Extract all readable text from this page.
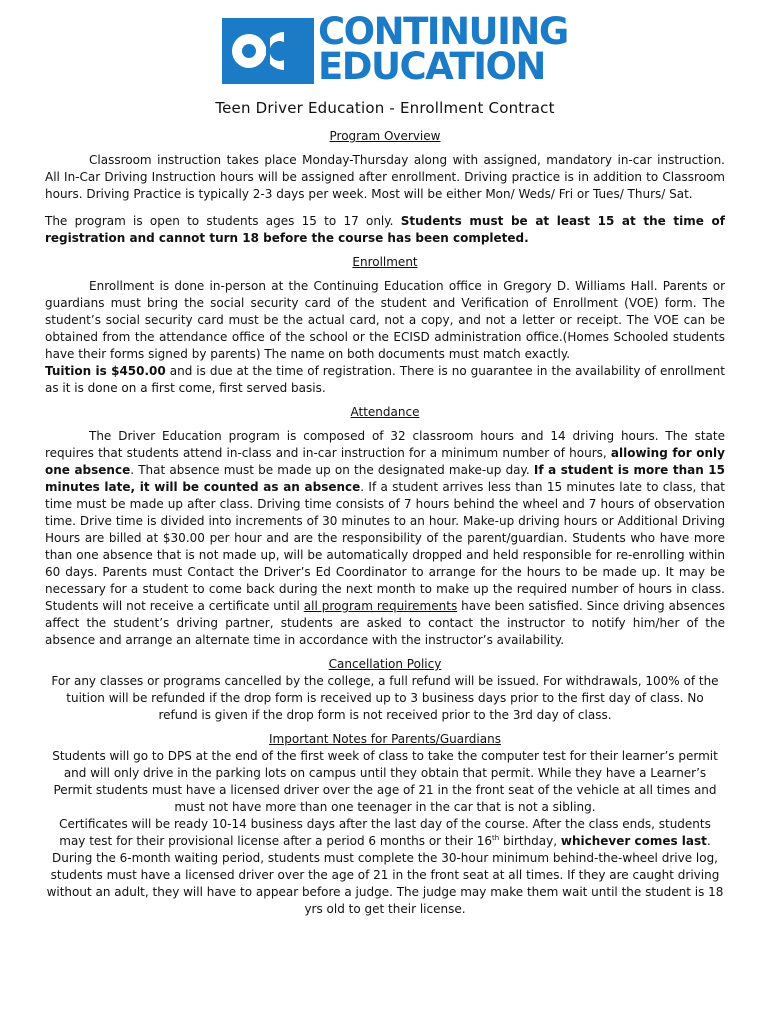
CONTINUING
EDUCATION
Teen Driver Education - Enrollment Contract
Program Overview

Classroom instruction takes place Monday-Thursday along with assigned, mandatory in-car instruction. All In-Car Driving Instruction hours will be assigned after enrollment. Driving practice is in addition to Classroom hours. Driving Practice is typically 2-3 days per week. Most will be either Mon/ Weds/ Fri or Tues/ Thurs/ Sat.

The program is open to students ages 15 to 17 only. Students must be at least 15 at the time of registration and cannot turn 18 before the course has been completed.

Enrollment

Enrollment is done in-person at the Continuing Education office in Gregory D. Williams Hall. Parents or guardians must bring the social security card of the student and Verification of Enrollment (VOE) form. The student’s social security card must be the actual card, not a copy, and not a letter or receipt. The VOE can be obtained from the attendance office of the school or the ECISD administration office.(Homes Schooled students have their forms signed by parents) The name on both documents must match exactly.

Tuition is $450.00 and is due at the time of registration. There is no guarantee in the availability of enrollment as it is done on a first come, first served basis.

Attendance

The Driver Education program is composed of 32 classroom hours and 14 driving hours. The state requires that students attend in-class and in-car instruction for a minimum number of hours, allowing for only one absence. That absence must be made up on the designated make-up day. If a student is more than 15 minutes late, it will be counted as an absence. If a student arrives less than 15 minutes late to class, that time must be made up after class. Driving time consists of 7 hours behind the wheel and 7 hours of observation time. Drive time is divided into increments of 30 minutes to an hour. Make-up driving hours or Additional Driving Hours are billed at $30.00 per hour and are the responsibility of the parent/guardian. Students who have more than one absence that is not made up, will be automatically dropped and held responsible for re-enrolling within 60 days. Parents must Contact the Driver’s Ed Coordinator to arrange for the hours to be made up. It may be necessary for a student to come back during the next month to make up the required number of hours in class. Students will not receive a certificate until all program requirements have been satisfied. Since driving absences affect the student’s driving partner, students are asked to contact the instructor to notify him/her of the absence and arrange an alternate time in accordance with the instructor’s availability.

Cancellation Policy

For any classes or programs cancelled by the college, a full refund will be issued. For withdrawals, 100% of the tuition will be refunded if the drop form is received up to 3 business days prior to the first day of class. No refund is given if the drop form is not received prior to the 3rd day of class.

Important Notes for Parents/Guardians

Students will go to DPS at the end of the first week of class to take the computer test for their learner’s permit and will only drive in the parking lots on campus until they obtain that permit. While they have a Learner’s Permit students must have a licensed driver over the age of 21 in the front seat of the vehicle at all times and must not have more than one teenager in the car that is not a sibling.

Certificates will be ready 10-14 business days after the last day of the course. After the class ends, students may test for their provisional license after a period 6 months or their 16th birthday, whichever comes last. During the 6-month waiting period, students must complete the 30-hour minimum behind-the-wheel drive log, students must have a licensed driver over the age of 21 in the front seat at all times. If they are caught driving without an adult, they will have to appear before a judge. The judge may make them wait until the student is 18 yrs old to get their license.
